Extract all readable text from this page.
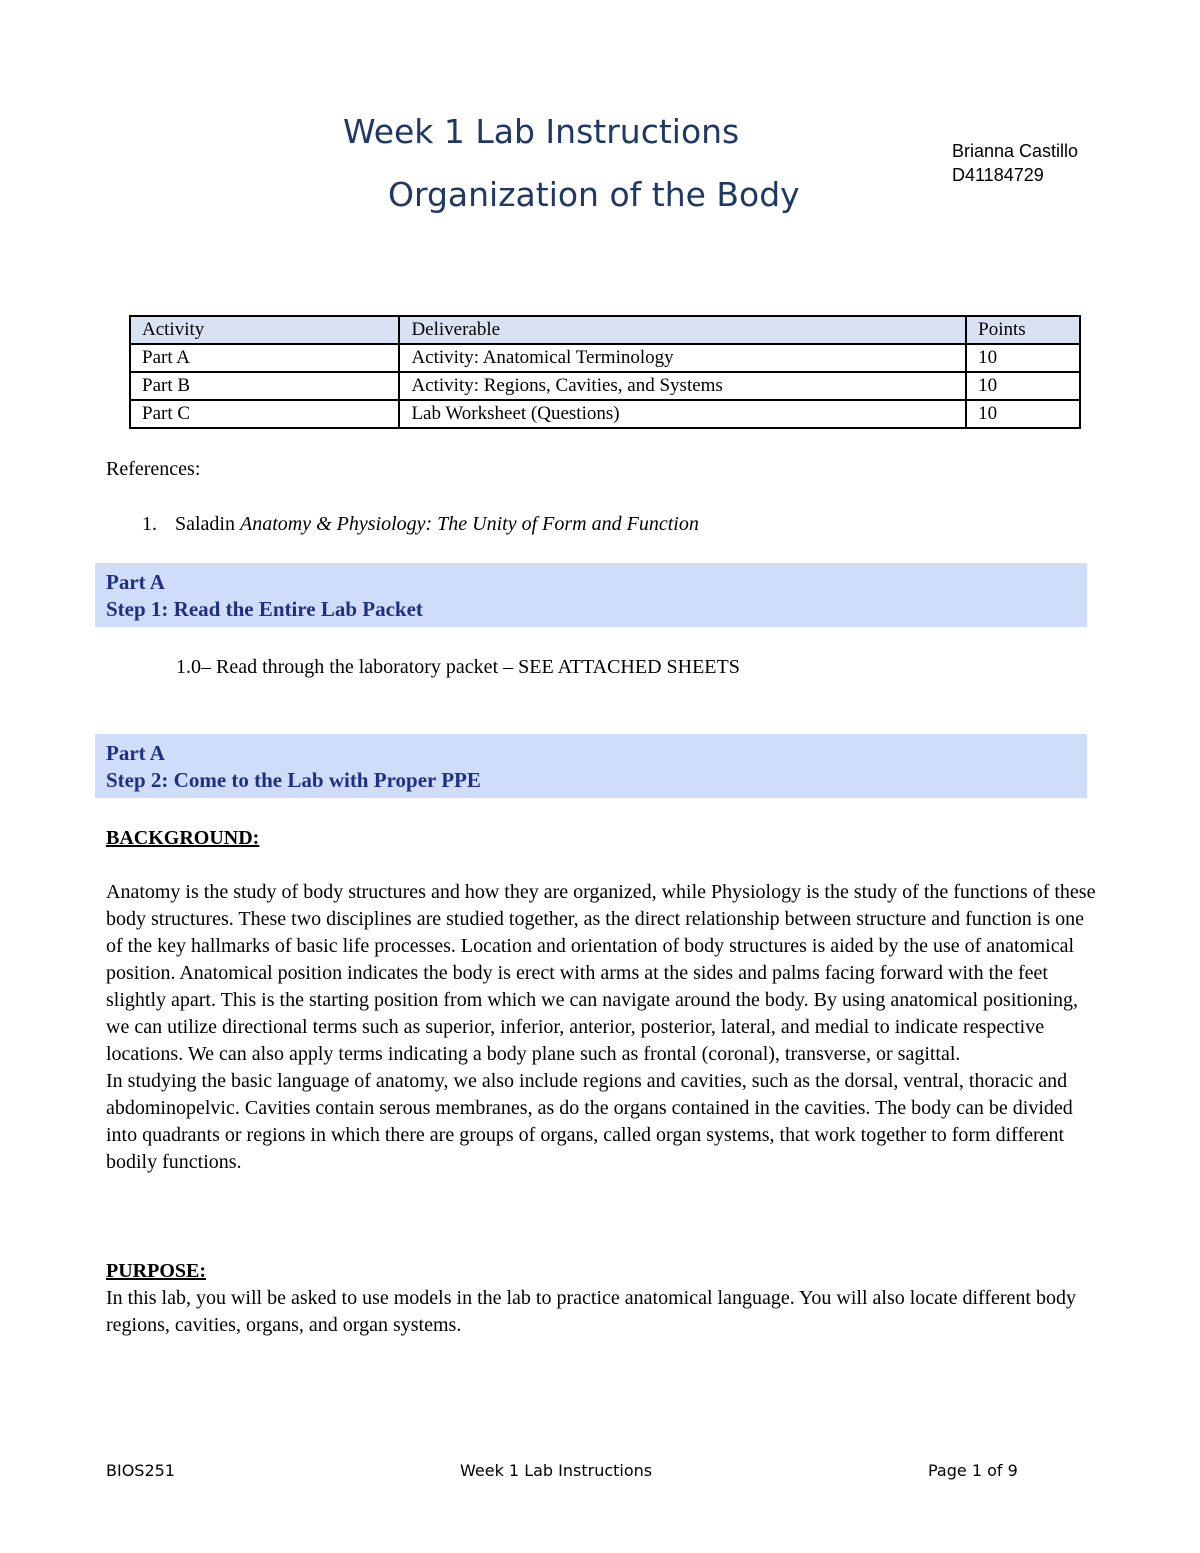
Week 1 Lab Instructions
Organization of the Body
Brianna Castillo
D41184729
Activity	Deliverable	Points
Part A	Activity: Anatomical Terminology	10
Part B	Activity: Regions, Cavities, and Systems	10
Part C	Lab Worksheet (Questions)	10
References:
1. Saladin Anatomy & Physiology: The Unity of Form and Function
Part A
Step 1: Read the Entire Lab Packet
1.0– Read through the laboratory packet – SEE ATTACHED SHEETS
Part A
Step 2: Come to the Lab with Proper PPE
BACKGROUND:
Anatomy is the study of body structures and how they are organized, while Physiology is the study of the functions of these body structures. These two disciplines are studied together, as the direct relationship between structure and function is one of the key hallmarks of basic life processes. Location and orientation of body structures is aided by the use of anatomical position. Anatomical position indicates the body is erect with arms at the sides and palms facing forward with the feet slightly apart. This is the starting position from which we can navigate around the body. By using anatomical positioning, we can utilize directional terms such as superior, inferior, anterior, posterior, lateral, and medial to indicate respective locations. We can also apply terms indicating a body plane such as frontal (coronal), transverse, or sagittal.
In studying the basic language of anatomy, we also include regions and cavities, such as the dorsal, ventral, thoracic and abdominopelvic. Cavities contain serous membranes, as do the organs contained in the cavities. The body can be divided into quadrants or regions in which there are groups of organs, called organ systems, that work together to form different bodily functions.
PURPOSE:
In this lab, you will be asked to use models in the lab to practice anatomical language. You will also locate different body regions, cavities, organs, and organ systems.
BIOS251	Week 1 Lab Instructions	Page 1 of 9
